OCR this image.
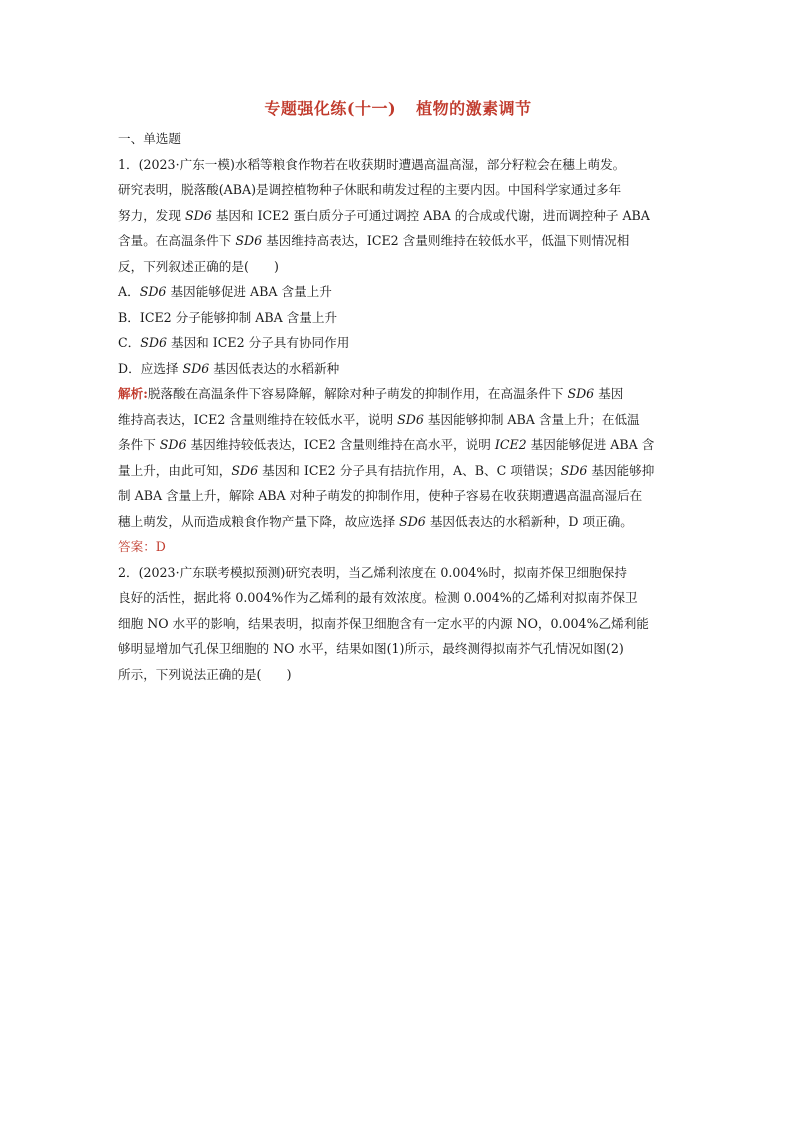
专题强化练(十一) 植物的激素调节

一、单选题

1．(2023·广东一模)水稻等粮食作物若在收获期时遭遇高温高湿，部分籽粒会在穗上萌发。

研究表明，脱落酸(ABA)是调控植物种子休眠和萌发过程的主要内因。中国科学家通过多年

努力，发现 SD6 基因和 ICE2 蛋白质分子可通过调控 ABA 的合成或代谢，进而调控种子 ABA

含量。在高温条件下 SD6 基因维持高表达，ICE2 含量则维持在较低水平，低温下则情况相

反，下列叙述正确的是(　　)

A．SD6 基因能够促进 ABA 含量上升

B．ICE2 分子能够抑制 ABA 含量上升

C．SD6 基因和 ICE2 分子具有协同作用

D．应选择 SD6 基因低表达的水稻新种

解析:脱落酸在高温条件下容易降解，解除对种子萌发的抑制作用，在高温条件下 SD6 基因

维持高表达，ICE2 含量则维持在较低水平，说明 SD6 基因能够抑制 ABA 含量上升；在低温

条件下 SD6 基因维持较低表达，ICE2 含量则维持在高水平，说明 ICE2 基因能够促进 ABA 含

量上升，由此可知，SD6 基因和 ICE2 分子具有拮抗作用，A、B、C 项错误；SD6 基因能够抑

制 ABA 含量上升，解除 ABA 对种子萌发的抑制作用，使种子容易在收获期遭遇高温高湿后在

穗上萌发，从而造成粮食作物产量下降，故应选择 SD6 基因低表达的水稻新种，D 项正确。

答案：D

2．(2023·广东联考模拟预测)研究表明，当乙烯利浓度在 0.004%时，拟南芥保卫细胞保持

良好的活性，据此将 0.004%作为乙烯利的最有效浓度。检测 0.004%的乙烯利对拟南芥保卫

细胞 NO 水平的影响，结果表明，拟南芥保卫细胞含有一定水平的内源 NO，0.004%乙烯利能

够明显增加气孔保卫细胞的 NO 水平，结果如图(1)所示，最终测得拟南芥气孔情况如图(2)

所示，下列说法正确的是(　　)
